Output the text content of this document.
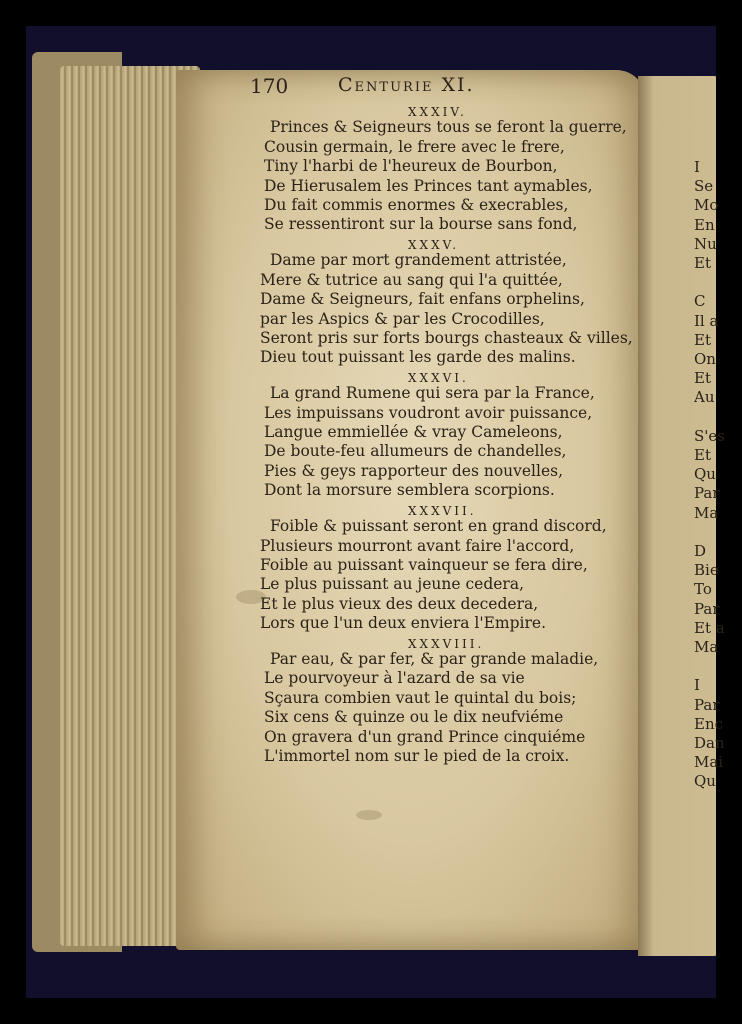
170	Centurie XI.
XXXIV.
Princes & Seigneurs tous se feront la guerre,
Cousin germain, le frere avec le frere,
Tiny l'harbi de l'heureux de Bourbon,
De Hierusalem les Princes tant aymables,
Du fait commis enormes & execrables,
Se ressentiront sur la bourse sans fond,
XXXV.
Dame par mort grandement attristée,
Mere & tutrice au sang qui l'a quittée,
Dame & Seigneurs, fait enfans orphelins,
par les Aspics & par les Crocodilles,
Seront pris sur forts bourgs chasteaux & villes,
Dieu tout puissant les garde des malins.
XXXVI.
La grand Rumene qui sera par la France,
Les impuissans voudront avoir puissance,
Langue emmiellée & vray Cameleons,
De boute-feu allumeurs de chandelles,
Pies & geys rapporteur des nouvelles,
Dont la morsure semblera scorpions.
XXXVII.
Foible & puissant seront en grand discord,
Plusieurs mourront avant faire l'accord,
Foible au puissant vainqueur se fera dire,
Le plus puissant au jeune cedera,
Et le plus vieux des deux decedera,
Lors que l'un deux enviera l'Empire.
XXXVIII.
Par eau, & par fer, & par grande maladie,
Le pourvoyeur à l'azard de sa vie
Sçaura combien vaut le quintal du bois;
Six cens & quinze ou le dix neufviéme
On gravera d'un grand Prince cinquiéme
L'immortel nom sur le pied de la croix.
I
Se
Mo
En
Nu
Et
C
Il a
Et
On
Et
Au
S'es
Et
Qu
Par
Ma
D
Bie
To
Par
Et a
Ma
I
Par
Enc
Dan
Mai
Qu
